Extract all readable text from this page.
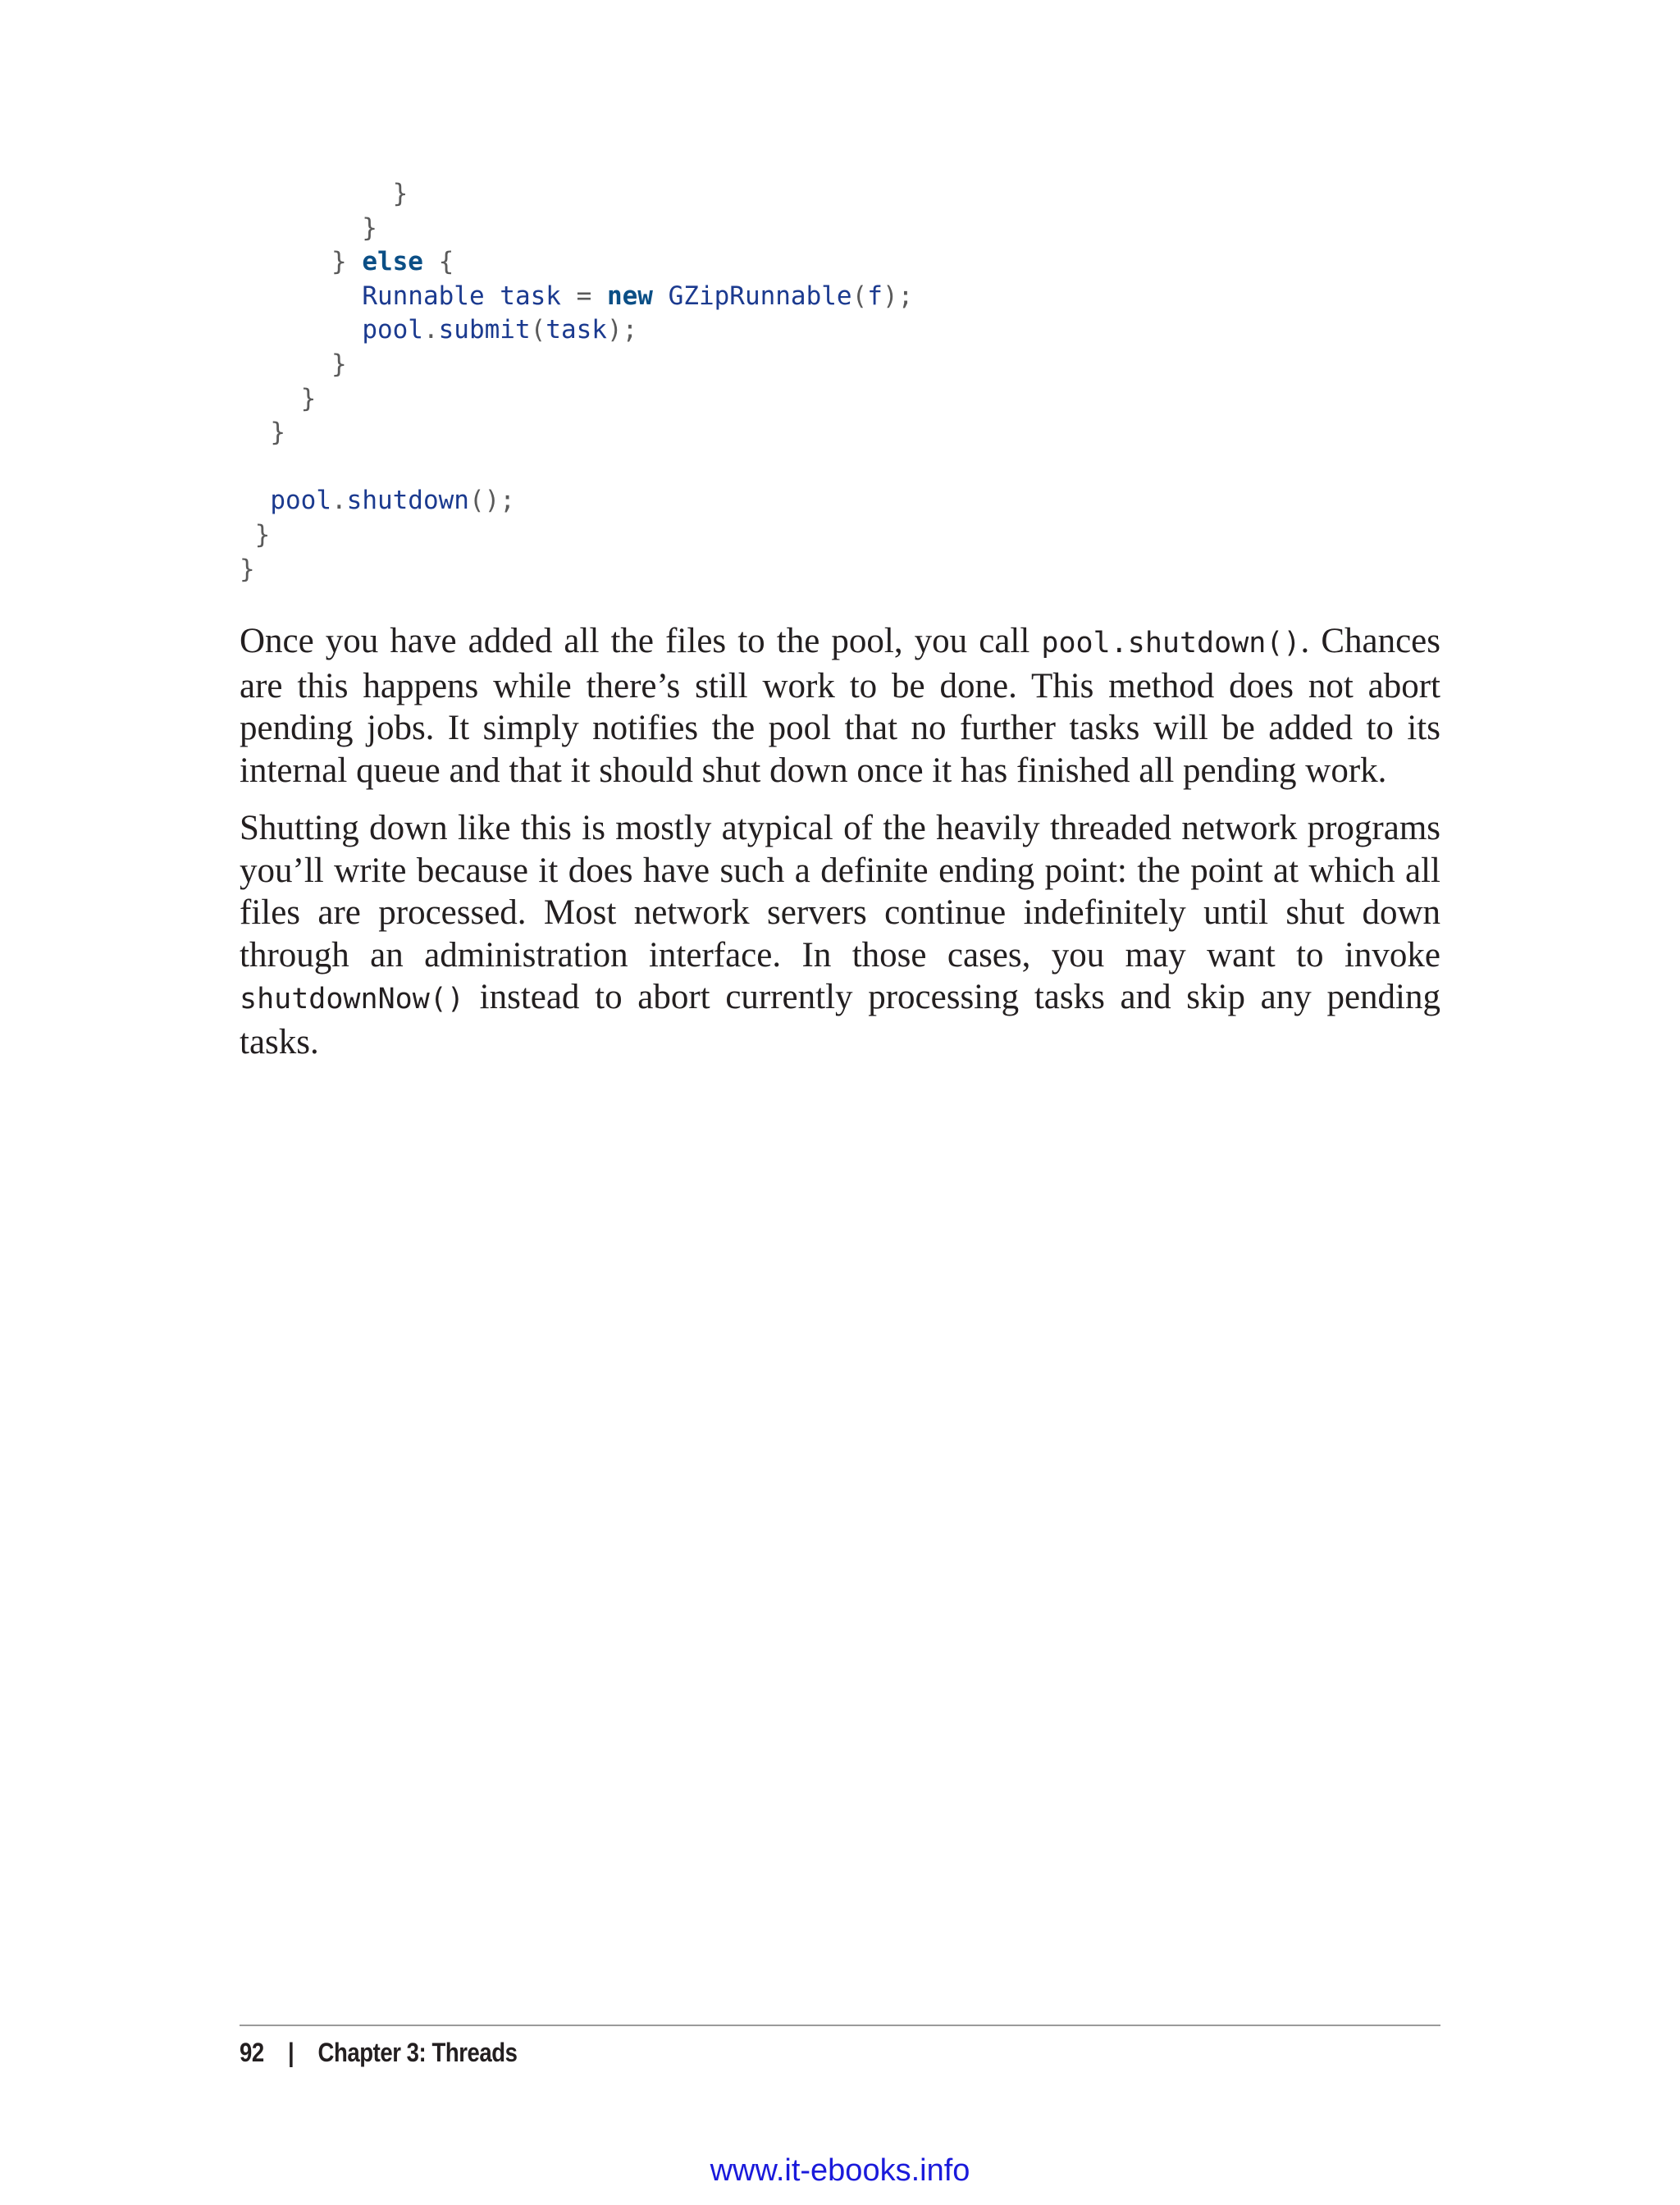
}
}
} else {
Runnable task = new GZipRunnable(f);
pool.submit(task);
}
}
}
pool.shutdown();
}
}

Once you have added all the files to the pool, you call pool.shutdown(). Chances are this happens while there’s still work to be done. This method does not abort pending jobs. It simply notifies the pool that no further tasks will be added to its internal queue and that it should shut down once it has finished all pending work.

Shutting down like this is mostly atypical of the heavily threaded network programs you’ll write because it does have such a definite ending point: the point at which all files are processed. Most network servers continue indefinitely until shut down through an administration interface. In those cases, you may want to invoke shutdownNow() instead to abort currently processing tasks and skip any pending tasks.

92 | Chapter 3: Threads
www.it-ebooks.info
